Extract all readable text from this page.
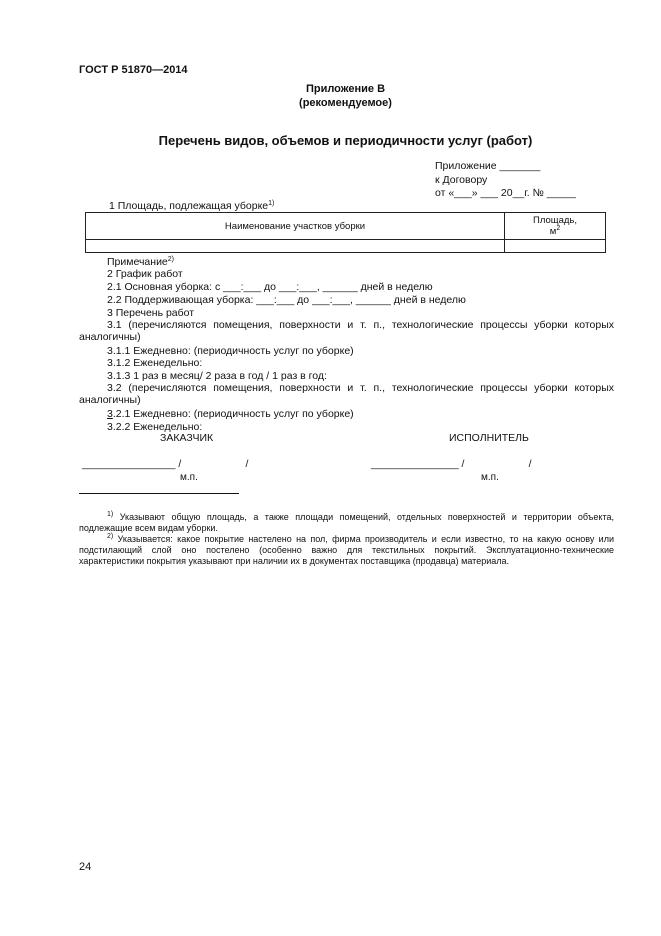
ГОСТ Р 51870—2014
Приложение В
(рекомендуемое)
Перечень видов, объемов и периодичности услуг (работ)
Приложение _______
к Договору
от «___» ___ 20__г. № _____
1 Площадь, подлежащая уборке$^{1)}$
Наименование участков уборки	Площадь,
$м^2$

Примечание$^{2)}$
2 График работ
2.1 Основная уборка: с ___:___ до ___:___, ______ дней в неделю
2.2 Поддерживающая уборка: ___:___ до ___:___, ______ дней в неделю
3 Перечень работ
3.1 (перечисляются помещения, поверхности и т. п., технологические процессы уборки которых аналогичны)
3.1.1 Ежедневно: (периодичность услуг по уборке)
3.1.2 Еженедельно:
3.1.3 1 раз в месяц/ 2 раза в год / 1 раз в год:
3.2 (перечисляются помещения, поверхности и т. п., технологические процессы уборки которых аналогичны)
3.2.1 Ежедневно: (периодичность услуг по уборке)
3.2.2 Еженедельно:
ЗАКАЗЧИК	ИСПОЛНИТЕЛЬ
________________ /                      /	_______________ /                      /
м.п.	м.п.
$^{1)}$ Указывают общую площадь, а также площади помещений, отдельных поверхностей и территории объекта, подлежащие всем видам уборки.
$^{2)}$ Указывается: какое покрытие настелено на пол, фирма производитель и если известно, то на какую основу или подстилающий слой оно постелено (особенно важно для текстильных покрытий. Эксплуатационно-технические характеристики покрытия указывают при наличии их в документах поставщика (продавца) материала.
24
